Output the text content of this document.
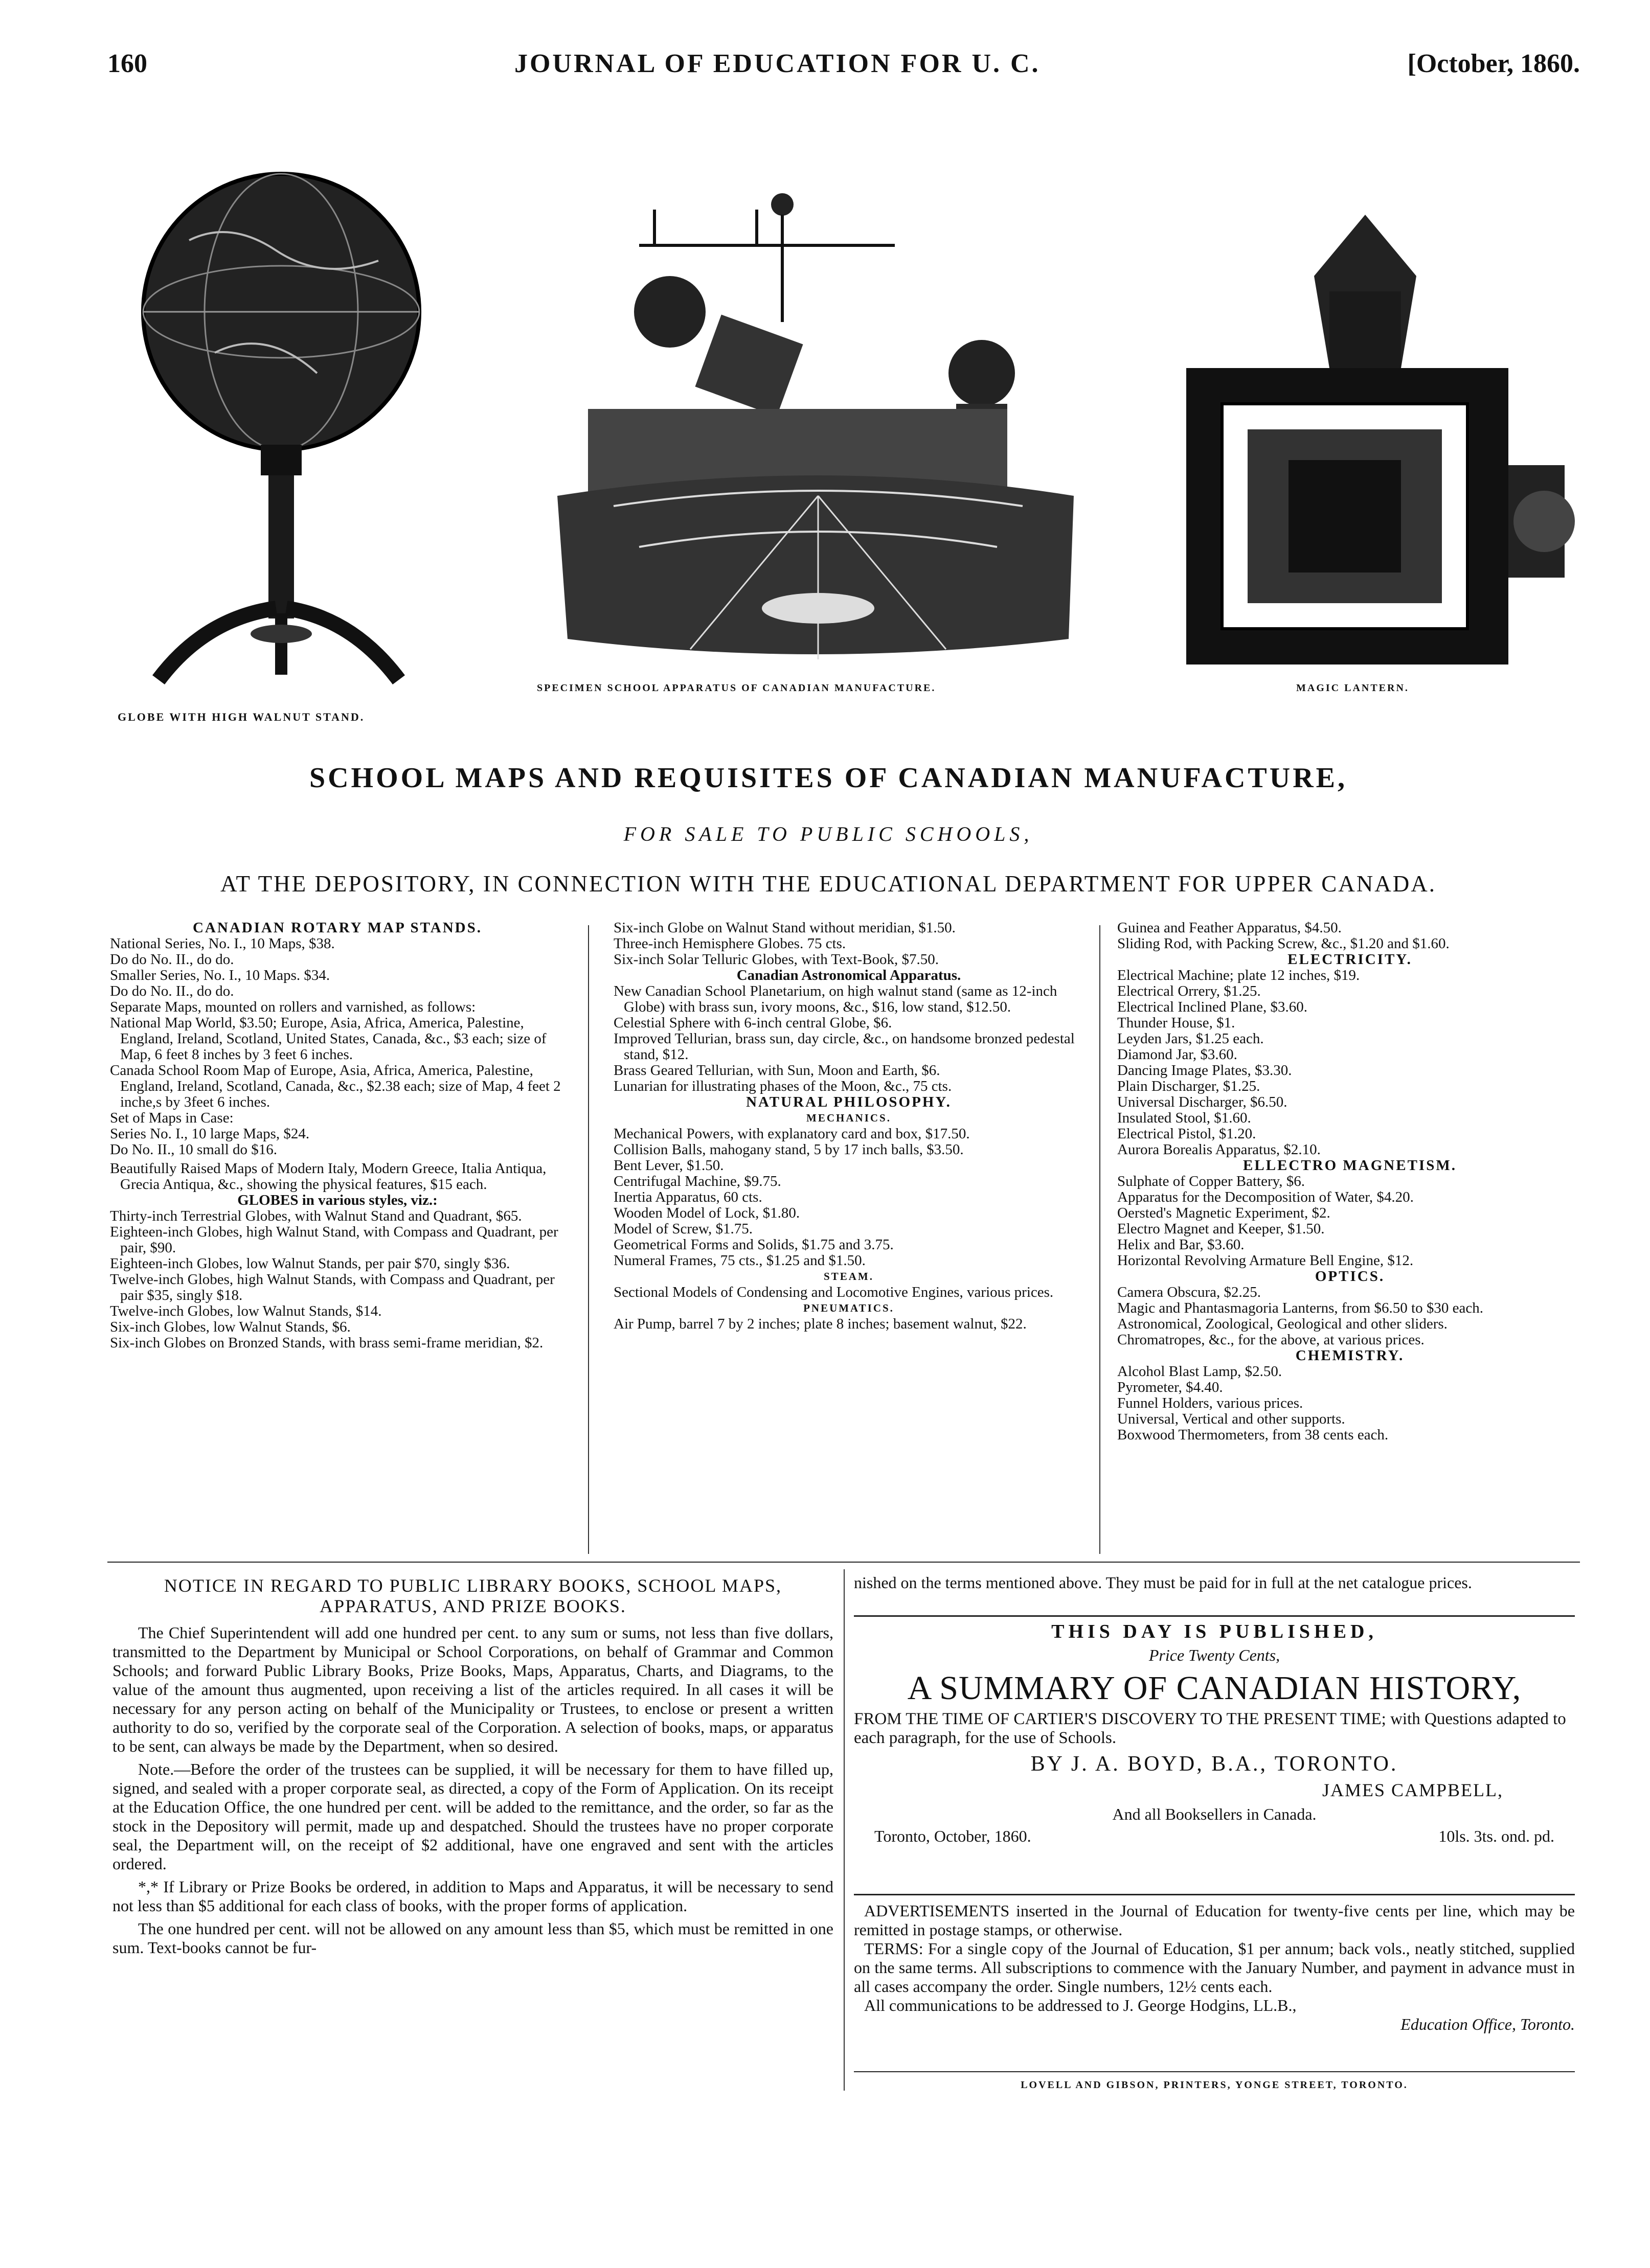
160	JOURNAL OF EDUCATION FOR U. C.	[October, 1860.
GLOBE WITH HIGH WALNUT STAND.
SPECIMEN SCHOOL APPARATUS OF CANADIAN MANUFACTURE.	MAGIC LANTERN.
SCHOOL MAPS AND REQUISITES OF CANADIAN MANUFACTURE,
FOR SALE TO PUBLIC SCHOOLS,
AT THE DEPOSITORY, IN CONNECTION WITH THE EDUCATIONAL DEPARTMENT FOR UPPER CANADA.
CANADIAN ROTARY MAP STANDS.

National Series, No. I., 10 Maps, $38.

Do do No. II., do do.

Smaller Series, No. I., 10 Maps. $34.

Do do No. II., do do.

Separate Maps, mounted on rollers and varnished, as follows:

National Map World, $3.50; Europe, Asia, Africa, America, Palestine, England, Ireland, Scotland, United States, Canada, &c., $3 each; size of Map, 6 feet 8 inches by 3 feet 6 inches.

Canada School Room Map of Europe, Asia, Africa, America, Palestine, England, Ireland, Scotland, Canada, &c., $2.38 each; size of Map, 4 feet 2 inche,s by 3feet 6 inches.

Set of Maps in Case:

Series No. I., 10 large Maps, $24.

Do No. II., 10 small do $16.

Beautifully Raised Maps of Modern Italy, Modern Greece, Italia Antiqua, Grecia Antiqua, &c., showing the physical features, $15 each.

GLOBES in various styles, viz.:

Thirty-inch Terrestrial Globes, with Walnut Stand and Quadrant, $65.

Eighteen-inch Globes, high Walnut Stand, with Compass and Quadrant, per pair, $90.

Eighteen-inch Globes, low Walnut Stands, per pair $70, singly $36.

Twelve-inch Globes, high Walnut Stands, with Compass and Quadrant, per pair $35, singly $18.

Twelve-inch Globes, low Walnut Stands, $14.

Six-inch Globes, low Walnut Stands, $6.

Six-inch Globes on Bronzed Stands, with brass semi-frame meridian, $2.

Six-inch Globe on Walnut Stand without meridian, $1.50.

Three-inch Hemisphere Globes. 75 cts.

Six-inch Solar Telluric Globes, with Text-Book, $7.50.

Canadian Astronomical Apparatus.

New Canadian School Planetarium, on high walnut stand (same as 12-inch Globe) with brass sun, ivory moons, &c., $16, low stand, $12.50.

Celestial Sphere with 6-inch central Globe, $6.

Improved Tellurian, brass sun, day circle, &c., on handsome bronzed pedestal stand, $12.

Brass Geared Tellurian, with Sun, Moon and Earth, $6.

Lunarian for illustrating phases of the Moon, &c., 75 cts.

NATURAL PHILOSOPHY.
MECHANICS.

Mechanical Powers, with explanatory card and box, $17.50.

Collision Balls, mahogany stand, 5 by 17 inch balls, $3.50.

Bent Lever, $1.50.

Centrifugal Machine, $9.75.

Inertia Apparatus, 60 cts.

Wooden Model of Lock, $1.80.

Model of Screw, $1.75.

Geometrical Forms and Solids, $1.75 and 3.75.

Numeral Frames, 75 cts., $1.25 and $1.50.

STEAM.

Sectional Models of Condensing and Locomotive Engines, various prices.

PNEUMATICS.

Air Pump, barrel 7 by 2 inches; plate 8 inches; basement walnut, $22.

Guinea and Feather Apparatus, $4.50.

Sliding Rod, with Packing Screw, &c., $1.20 and $1.60.

ELECTRICITY.

Electrical Machine; plate 12 inches, $19.

Electrical Orrery, $1.25.

Electrical Inclined Plane, $3.60.

Thunder House, $1.

Leyden Jars, $1.25 each.

Diamond Jar, $3.60.

Dancing Image Plates, $3.30.

Plain Discharger, $1.25.

Universal Discharger, $6.50.

Insulated Stool, $1.60.

Electrical Pistol, $1.20.

Aurora Borealis Apparatus, $2.10.

ELLECTRO MAGNETISM.

Sulphate of Copper Battery, $6.

Apparatus for the Decomposition of Water, $4.20.

Oersted's Magnetic Experiment, $2.

Electro Magnet and Keeper, $1.50.

Helix and Bar, $3.60.

Horizontal Revolving Armature Bell Engine, $12.

OPTICS.

Camera Obscura, $2.25.

Magic and Phantasmagoria Lanterns, from $6.50 to $30 each.

Astronomical, Zoological, Geological and other sliders.

Chromatropes, &c., for the above, at various prices.

CHEMISTRY.

Alcohol Blast Lamp, $2.50.

Pyrometer, $4.40.

Funnel Holders, various prices.

Universal, Vertical and other supports.

Boxwood Thermometers, from 38 cents each.

NOTICE IN REGARD TO PUBLIC LIBRARY BOOKS, SCHOOL MAPS, APPARATUS, AND PRIZE BOOKS.

The Chief Superintendent will add one hundred per cent. to any sum or sums, not less than five dollars, transmitted to the Department by Municipal or School Corporations, on behalf of Grammar and Common Schools; and forward Public Library Books, Prize Books, Maps, Apparatus, Charts, and Diagrams, to the value of the amount thus augmented, upon receiving a list of the articles required. In all cases it will be necessary for any person acting on behalf of the Municipality or Trustees, to enclose or present a written authority to do so, verified by the corporate seal of the Corporation. A selection of books, maps, or apparatus to be sent, can always be made by the Department, when so desired.

Note.—Before the order of the trustees can be supplied, it will be necessary for them to have filled up, signed, and sealed with a proper corporate seal, as directed, a copy of the Form of Application. On its receipt at the Education Office, the one hundred per cent. will be added to the remittance, and the order, so far as the stock in the Depository will permit, made up and despatched. Should the trustees have no proper corporate seal, the Department will, on the receipt of $2 additional, have one engraved and sent with the articles ordered.

*,* If Library or Prize Books be ordered, in addition to Maps and Apparatus, it will be necessary to send not less than $5 additional for each class of books, with the proper forms of application.

The one hundred per cent. will not be allowed on any amount less than $5, which must be remitted in one sum. Text-books cannot be fur-

nished on the terms mentioned above. They must be paid for in full at the net catalogue prices.
THIS DAY IS PUBLISHED,
Price Twenty Cents,
A SUMMARY OF CANADIAN HISTORY,
FROM THE TIME OF CARTIER'S DISCOVERY TO THE PRESENT TIME; with Questions adapted to each paragraph, for the use of Schools.
BY J. A. BOYD, B.A., TORONTO.
JAMES CAMPBELL,
And all Booksellers in Canada.
Toronto, October, 1860.	10ls. 3ts. ond. pd.

ADVERTISEMENTS inserted in the Journal of Education for twenty-five cents per line, which may be remitted in postage stamps, or otherwise.

TERMS: For a single copy of the Journal of Education, $1 per annum; back vols., neatly stitched, supplied on the same terms. All subscriptions to commence with the January Number, and payment in advance must in all cases accompany the order. Single numbers, 12½ cents each.

All communications to be addressed to J. George Hodgins, LL.B.,

Education Office, Toronto.
LOVELL AND GIBSON, PRINTERS, YONGE STREET, TORONTO.
